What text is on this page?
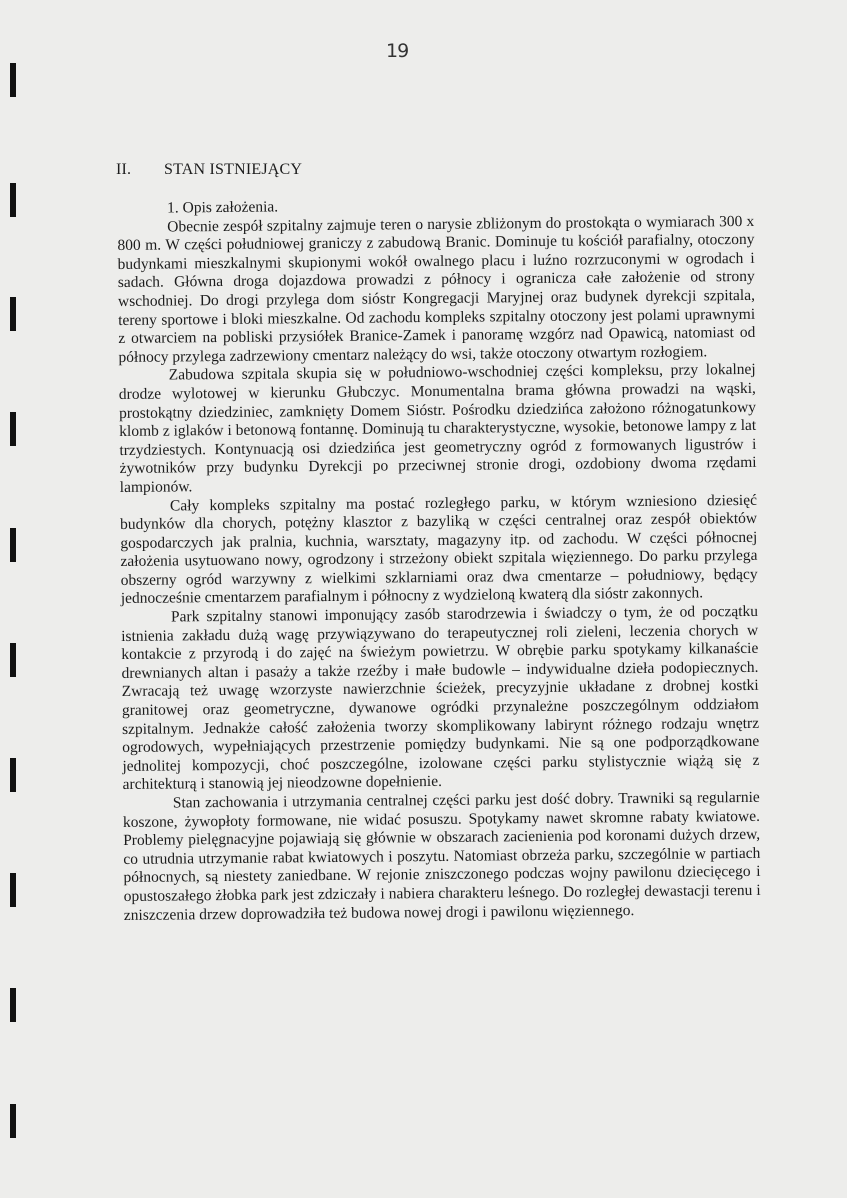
19
II. STAN ISTNIEJĄCY

1. Opis założenia.

Obecnie zespół szpitalny zajmuje teren o narysie zbliżonym do prostokąta o wymiarach 300 x 800 m. W części południowej graniczy z zabudową Branic. Dominuje tu kościół parafialny, otoczony budynkami mieszkalnymi skupionymi wokół owalnego placu i luźno rozrzuconymi w ogrodach i sadach. Główna droga dojazdowa prowadzi z północy i ogranicza całe założenie od strony wschodniej. Do drogi przylega dom sióstr Kongregacji Maryjnej oraz budynek dyrekcji szpitala, tereny sportowe i bloki mieszkalne. Od zachodu kompleks szpitalny otoczony jest polami uprawnymi z otwarciem na pobliski przysiółek Branice-Zamek i panoramę wzgórz nad Opawicą, natomiast od północy przylega zadrzewiony cmentarz należący do wsi, także otoczony otwartym rozłogiem.

Zabudowa szpitala skupia się w południowo-wschodniej części kompleksu, przy lokalnej drodze wylotowej w kierunku Głubczyc. Monumentalna brama główna prowadzi na wąski, prostokątny dziedziniec, zamknięty Domem Sióstr. Pośrodku dziedzińca założono różnogatunkowy klomb z iglaków i betonową fontannę. Dominują tu charakterystyczne, wysokie, betonowe lampy z lat trzydziestych. Kontynuacją osi dziedzińca jest geometryczny ogród z formowanych ligustrów i żywotników przy budynku Dyrekcji po przeciwnej stronie drogi, ozdobiony dwoma rzędami lampionów.

Cały kompleks szpitalny ma postać rozległego parku, w którym wzniesiono dziesięć budynków dla chorych, potężny klasztor z bazyliką w części centralnej oraz zespół obiektów gospodarczych jak pralnia, kuchnia, warsztaty, magazyny itp. od zachodu. W części północnej założenia usytuowano nowy, ogrodzony i strzeżony obiekt szpitala więziennego. Do parku przylega obszerny ogród warzywny z wielkimi szklarniami oraz dwa cmentarze – południowy, będący jednocześnie cmentarzem parafialnym i północny z wydzieloną kwaterą dla sióstr zakonnych.

Park szpitalny stanowi imponujący zasób starodrzewia i świadczy o tym, że od początku istnienia zakładu dużą wagę przywiązywano do terapeutycznej roli zieleni, leczenia chorych w kontakcie z przyrodą i do zajęć na świeżym powietrzu. W obrębie parku spotykamy kilkanaście drewnianych altan i pasaży a także rzeźby i małe budowle – indywidualne dzieła podopiecznych. Zwracają też uwagę wzorzyste nawierzchnie ścieżek, precyzyjnie układane z drobnej kostki granitowej oraz geometryczne, dywanowe ogródki przynależne poszczególnym oddziałom szpitalnym. Jednakże całość założenia tworzy skomplikowany labirynt różnego rodzaju wnętrz ogrodowych, wypełniających przestrzenie pomiędzy budynkami. Nie są one podporządkowane jednolitej kompozycji, choć poszczególne, izolowane części parku stylistycznie wiążą się z architekturą i stanowią jej nieodzowne dopełnienie.

Stan zachowania i utrzymania centralnej części parku jest dość dobry. Trawniki są regularnie koszone, żywopłoty formowane, nie widać posuszu. Spotykamy nawet skromne rabaty kwiatowe. Problemy pielęgnacyjne pojawiają się głównie w obszarach zacienienia pod koronami dużych drzew, co utrudnia utrzymanie rabat kwiatowych i poszytu. Natomiast obrzeża parku, szczególnie w partiach północnych, są niestety zaniedbane. W rejonie zniszczonego podczas wojny pawilonu dziecięcego i opustoszałego żłobka park jest zdziczały i nabiera charakteru leśnego. Do rozległej dewastacji terenu i zniszczenia drzew doprowadziła też budowa nowej drogi i pawilonu więziennego.
